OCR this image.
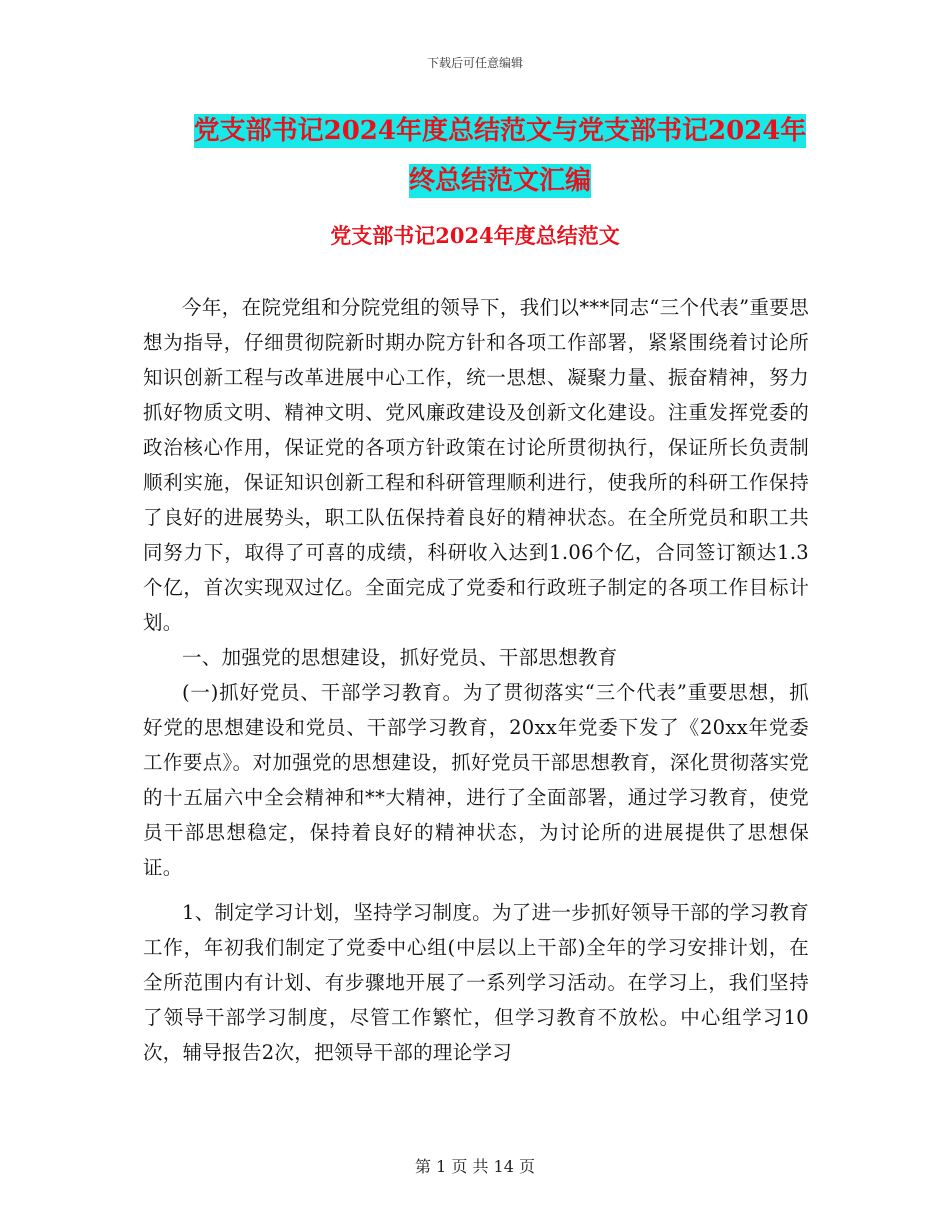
下载后可任意编辑
党支部书记2024年度总结范文与党支部书记2024年
终总结范文汇编
党支部书记2024年度总结范文

今年，在院党组和分院党组的领导下，我们以***同志“三个代表”重要思想为指导，仔细贯彻院新时期办院方针和各项工作部署，紧紧围绕着讨论所知识创新工程与改革进展中心工作，统一思想、凝聚力量、振奋精神，努力抓好物质文明、精神文明、党风廉政建设及创新文化建设。注重发挥党委的政治核心作用，保证党的各项方针政策在讨论所贯彻执行，保证所长负责制顺利实施，保证知识创新工程和科研管理顺利进行，使我所的科研工作保持了良好的进展势头，职工队伍保持着良好的精神状态。在全所党员和职工共同努力下，取得了可喜的成绩，科研收入达到1.06个亿，合同签订额达1.3个亿，首次实现双过亿。全面完成了党委和行政班子制定的各项工作目标计划。

一、加强党的思想建设，抓好党员、干部思想教育

(一)抓好党员、干部学习教育。为了贯彻落实“三个代表”重要思想，抓好党的思想建设和党员、干部学习教育，20xx年党委下发了《20xx年党委工作要点》。对加强党的思想建设，抓好党员干部思想教育，深化贯彻落实党的十五届六中全会精神和**大精神，进行了全面部署，通过学习教育，使党员干部思想稳定，保持着良好的精神状态，为讨论所的进展提供了思想保证。

1、制定学习计划，坚持学习制度。为了进一步抓好领导干部的学习教育工作，年初我们制定了党委中心组(中层以上干部)全年的学习安排计划，在全所范围内有计划、有步骤地开展了一系列学习活动。在学习上，我们坚持了领导干部学习制度，尽管工作繁忙，但学习教育不放松。中心组学习10次，辅导报告2次，把领导干部的理论学习

第 1 页 共 14 页
